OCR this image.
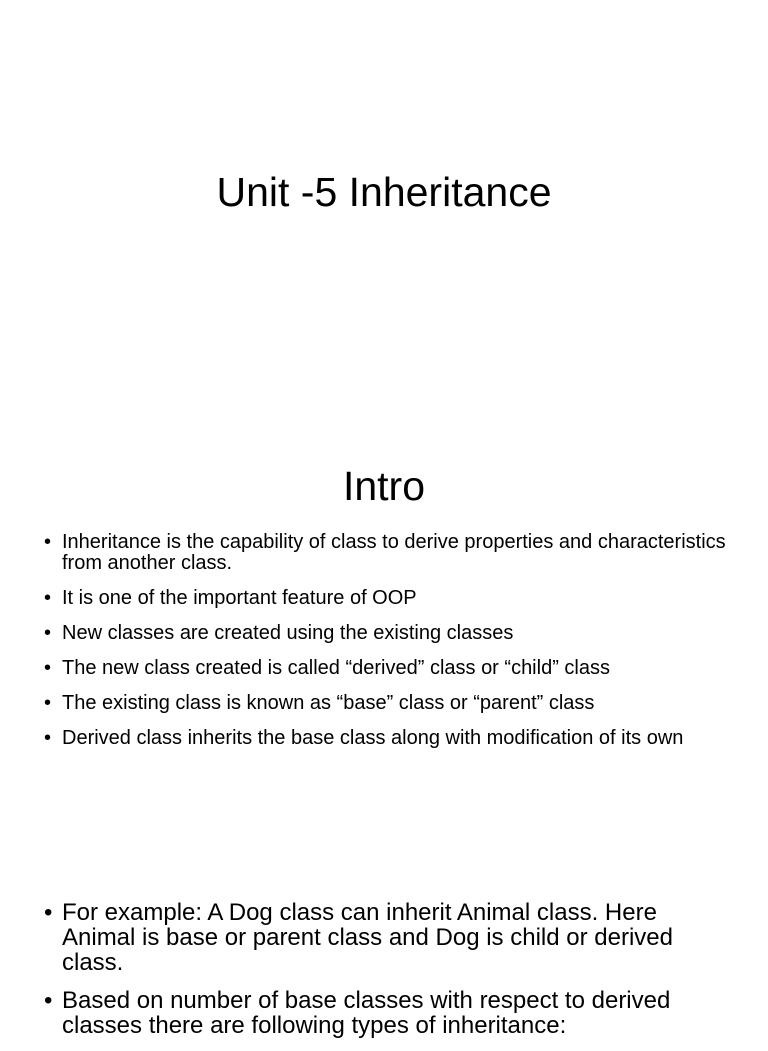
Unit -5 Inheritance
Intro
• Inheritance is the capability of class to derive properties and characteristics from another class.
• It is one of the important feature of OOP
• New classes are created using the existing classes
• The new class created is called “derived” class or “child” class
• The existing class is known as “base” class or “parent” class
• Derived class inherits the base class along with modification of its own
• For example: A Dog class can inherit Animal class. Here Animal is base or parent class and Dog is child or derived class.
• Based on number of base classes with respect to derived classes there are following types of inheritance:
